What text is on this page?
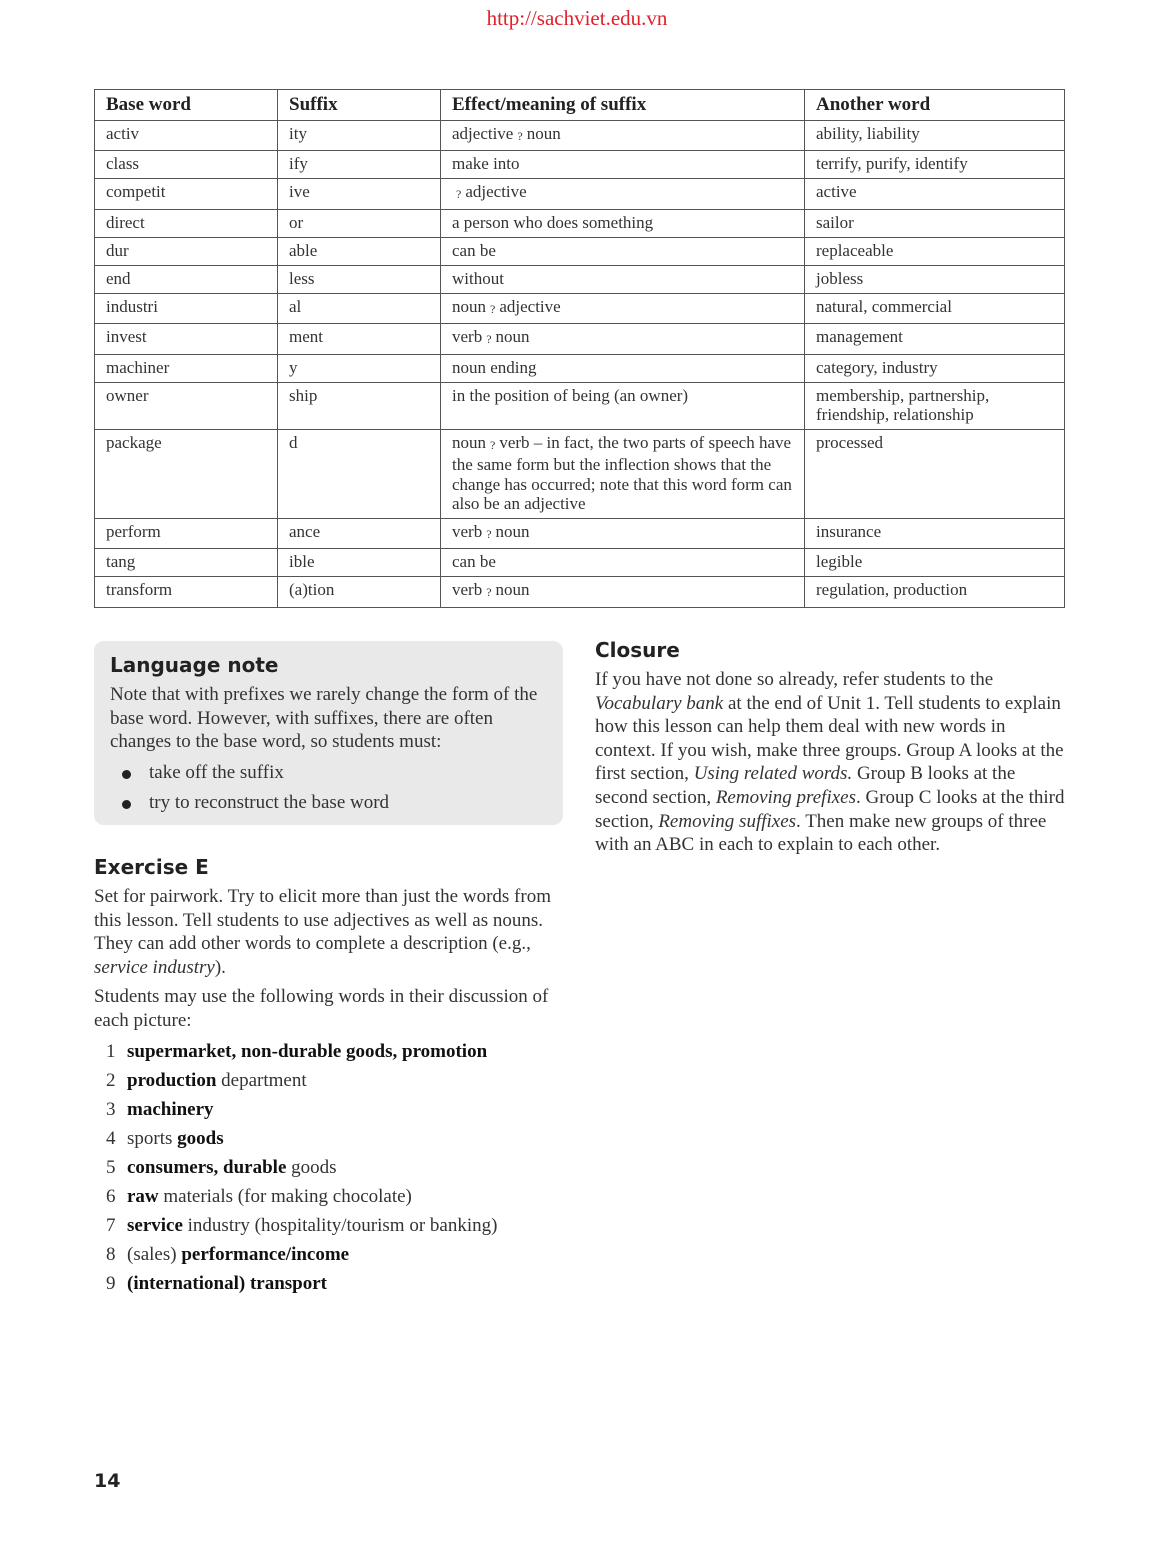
http://sachviet.edu.vn
Base word	Suffix	Effect/meaning of suffix	Another word
activ	ity	adjective ? noun	ability, liability
class	ify	make into	terrify, purify, identify
competit	ive	? adjective	active
direct	or	a person who does something	sailor
dur	able	can be	replaceable
end	less	without	jobless
industri	al	noun ? adjective	natural, commercial
invest	ment	verb ? noun	management
machiner	y	noun ending	category, industry
owner	ship	in the position of being (an owner)	membership, partnership, friendship, relationship
package	d	noun ? verb – in fact, the two parts of speech have the same form but the inflection shows that the change has occurred; note that this word form can also be an adjective	processed
perform	ance	verb ? noun	insurance
tang	ible	can be	legible
transform	(a)tion	verb ? noun	regulation, production
Language note

Note that with prefixes we rarely change the form of the base word. However, with suffixes, there are often changes to the base word, so students must:

take off the suffix
try to reconstruct the base word
Exercise E

Set for pairwork. Try to elicit more than just the words from this lesson. Tell students to use adjectives as well as nouns. They can add other words to complete a description (e.g., service industry).

Students may use the following words in their discussion of each picture:

1 supermarket, non-durable goods, promotion
2 production department
3 machinery
4 sports goods
5 consumers, durable goods
6 raw materials (for making chocolate)
7 service industry (hospitality/tourism or banking)
8 (sales) performance/income
9 (international) transport
Closure

If you have not done so already, refer students to the Vocabulary bank at the end of Unit 1. Tell students to explain how this lesson can help them deal with new words in context. If you wish, make three groups. Group A looks at the first section, Using related words. Group B looks at the second section, Removing prefixes. Group C looks at the third section, Removing suffixes. Then make new groups of three with an ABC in each to explain to each other.

14
